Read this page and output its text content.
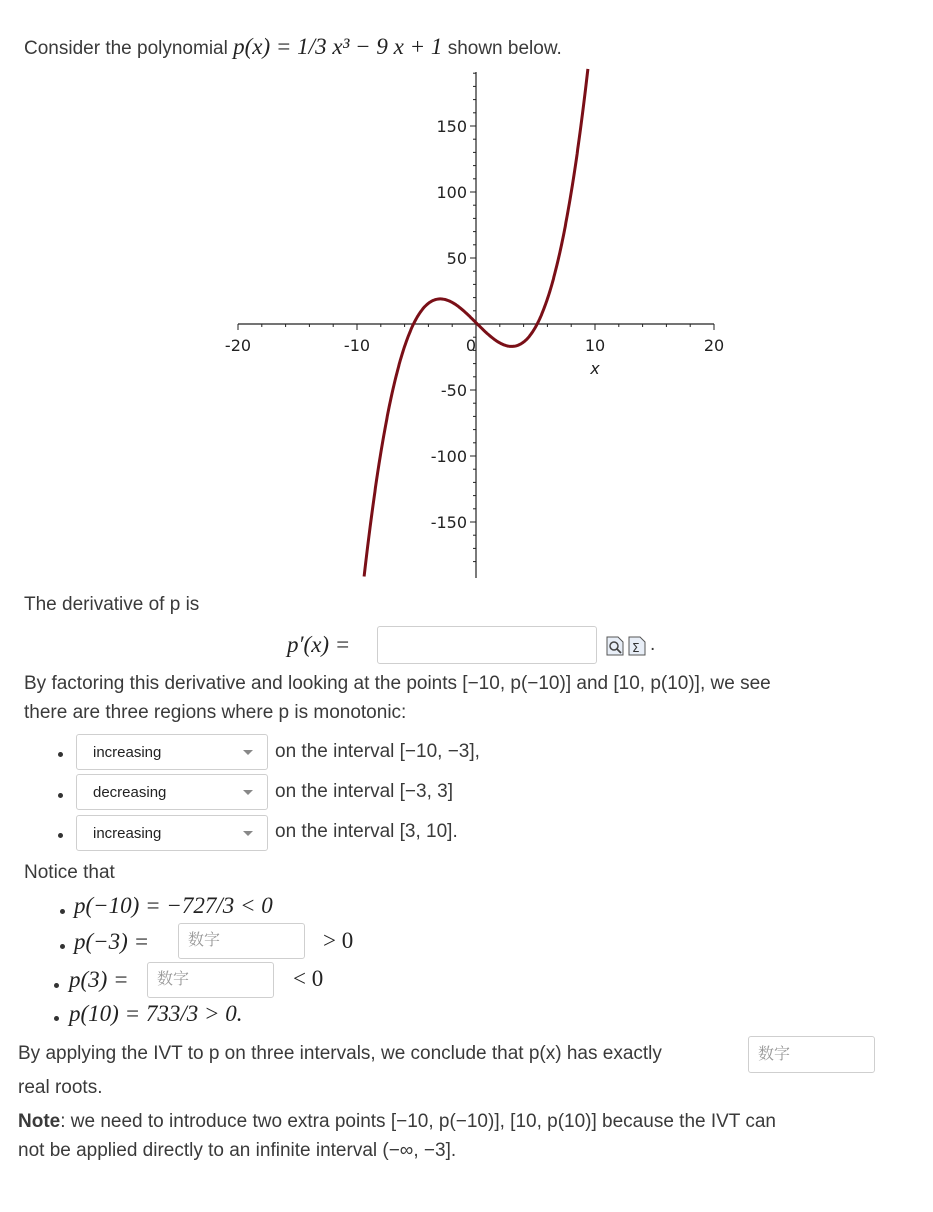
Consider the polynomial p(x) = 1/3 x³ − 9 x + 1 shown below.
-20	-10	0	10	20
x
150
100
50
-50
-100
-150
The derivative of p is
p′(x) =	Σ .
By factoring this derivative and looking at the points [−10, p(−10)] and [10, p(10)], we see
there are three regions where p is monotonic:
increasing	on the interval [−10, −3],
decreasing	on the interval [−3, 3]
increasing	on the interval [3, 10].
Notice that
p(−10) = −727/3 < 0
p(−3) =
数字	> 0
p(3) =
数字	< 0
p(10) = 733/3 > 0.
By applying the IVT to p on three intervals, we conclude that p(x) has exactly
数字
real roots.
Note: we need to introduce two extra points [−10, p(−10)], [10, p(10)] because the IVT can
not be applied directly to an infinite interval (−∞, −3].
